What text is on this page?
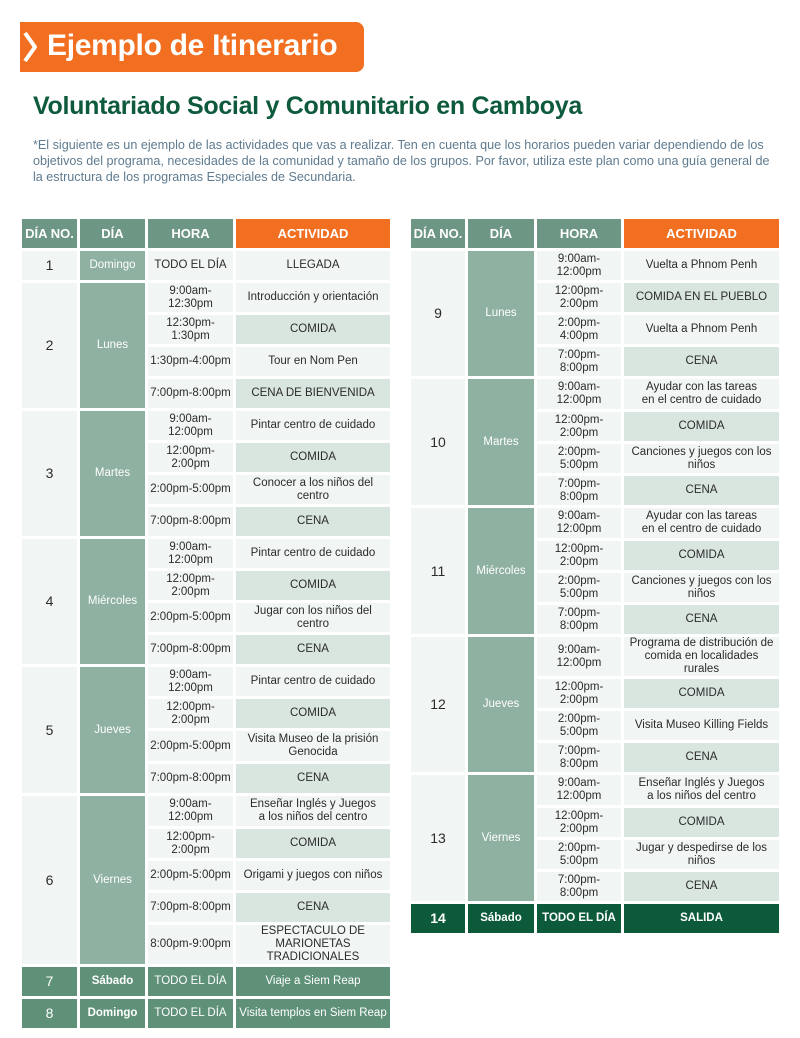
Ejemplo de Itinerario
Voluntariado Social y Comunitario en Camboya
*El siguiente es un ejemplo de las actividades que vas a realizar. Ten en cuenta que los horarios pueden variar dependiendo de los objetivos del programa, necesidades de la comunidad y tamaño de los grupos. Por favor, utiliza este plan como una guía general de la estructura de los programas Especiales de Secundaria.
DÍA NO.	DÍA	HORA	ACTIVIDAD
1	Domingo	TODO EL DÍA	LLEGADA
2	Lunes	9:00am-12:30pm	Introducción y orientación
		12:30pm-1:30pm	COMIDA
		1:30pm-4:00pm	Tour en Nom Pen
		7:00pm-8:00pm	CENA DE BIENVENIDA
3	Martes	9:00am-12:00pm	Pintar centro de cuidado
		12:00pm-2:00pm	COMIDA
		2:00pm-5:00pm	Conocer a los niños del centro
		7:00pm-8:00pm	CENA
4	Miércoles	9:00am-12:00pm	Pintar centro de cuidado
		12:00pm-2:00pm	COMIDA
		2:00pm-5:00pm	Jugar con los niños del centro
		7:00pm-8:00pm	CENA
5	Jueves	9:00am-12:00pm	Pintar centro de cuidado
		12:00pm-2:00pm	COMIDA
		2:00pm-5:00pm	Visita Museo de la prisión
Genocida
		7:00pm-8:00pm	CENA
6	Viernes	9:00am-12:00pm	Enseñar Inglés y Juegos
a los niños del centro
		12:00pm-2:00pm	COMIDA
		2:00pm-5:00pm	Origami y juegos con niños
		7:00pm-8:00pm	CENA
		8:00pm-9:00pm	ESPECTACULO DE MARIONETAS
TRADICIONALES
7	Sábado	TODO EL DÍA	Viaje a Siem Reap
8	Domingo	TODO EL DÍA	Visita templos en Siem Reap
DÍA NO.	DÍA	HORA	ACTIVIDAD
9	Lunes	9:00am-12:00pm	Vuelta a Phnom Penh
		12:00pm-2:00pm	COMIDA EN EL PUEBLO
		2:00pm-4:00pm	Vuelta a Phnom Penh
		7:00pm-8:00pm	CENA
10	Martes	9:00am-12:00pm	Ayudar con las tareas
en el centro de cuidado
		12:00pm-2:00pm	COMIDA
		2:00pm-5:00pm	Canciones y juegos con los niños
		7:00pm-8:00pm	CENA
11	Miércoles	9:00am-12:00pm	Ayudar con las tareas
en el centro de cuidado
		12:00pm-2:00pm	COMIDA
		2:00pm-5:00pm	Canciones y juegos con los niños
		7:00pm-8:00pm	CENA
12	Jueves	9:00am-12:00pm	Programa de distribución de
comida en localidades rurales
		12:00pm-2:00pm	COMIDA
		2:00pm-5:00pm	Visita Museo Killing Fields
		7:00pm-8:00pm	CENA
13	Viernes	9:00am-12:00pm	Enseñar Inglés y Juegos
a los niños del centro
		12:00pm-2:00pm	COMIDA
		2:00pm-5:00pm	Jugar y despedirse de los niños
		7:00pm-8:00pm	CENA
14	Sábado	TODO EL DÍA	SALIDA
